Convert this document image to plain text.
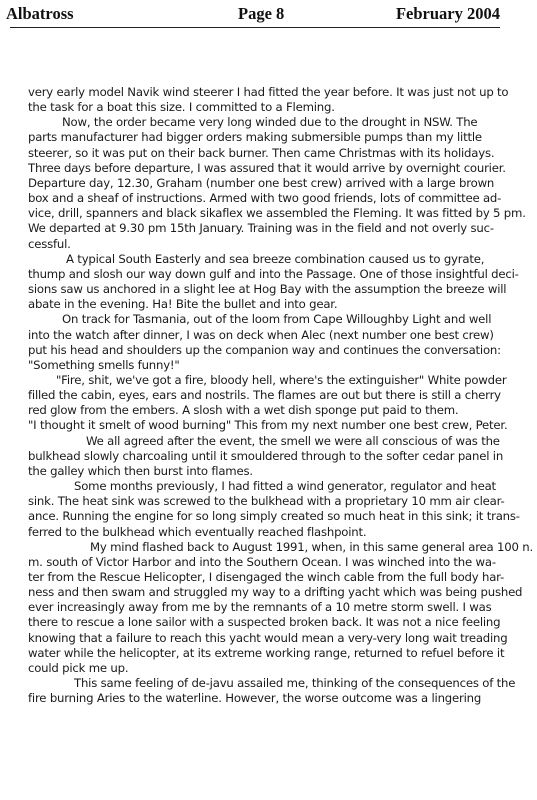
Albatross	Page 8	February 2004

very early model Navik wind steerer I had fitted the year before. It was just not up to
the task for a boat this size. I committed to a Fleming.

Now, the order became very long winded due to the drought in NSW. The
parts manufacturer had bigger orders making submersible pumps than my little
steerer, so it was put on their back burner. Then came Christmas with its holidays.
Three days before departure, I was assured that it would arrive by overnight courier.
Departure day, 12.30, Graham (number one best crew) arrived with a large brown
box and a sheaf of instructions. Armed with two good friends, lots of committee ad-
vice, drill, spanners and black sikaflex we assembled the Fleming. It was fitted by 5 pm.
We departed at 9.30 pm 15th January. Training was in the field and not overly suc-
cessful.

A typical South Easterly and sea breeze combination caused us to gyrate,
thump and slosh our way down gulf and into the Passage. One of those insightful deci-
sions saw us anchored in a slight lee at Hog Bay with the assumption the breeze will
abate in the evening. Ha! Bite the bullet and into gear.

On track for Tasmania, out of the loom from Cape Willoughby Light and well
into the watch after dinner, I was on deck when Alec (next number one best crew)
put his head and shoulders up the companion way and continues the conversation:
"Something smells funny!"

"Fire, shit, we've got a fire, bloody hell, where's the extinguisher" White powder
filled the cabin, eyes, ears and nostrils. The flames are out but there is still a cherry
red glow from the embers. A slosh with a wet dish sponge put paid to them.
"I thought it smelt of wood burning" This from my next number one best crew, Peter.

We all agreed after the event, the smell we were all conscious of was the
bulkhead slowly charcoaling until it smouldered through to the softer cedar panel in
the galley which then burst into flames.

Some months previously, I had fitted a wind generator, regulator and heat
sink. The heat sink was screwed to the bulkhead with a proprietary 10 mm air clear-
ance. Running the engine for so long simply created so much heat in this sink; it trans-
ferred to the bulkhead which eventually reached flashpoint.

My mind flashed back to August 1991, when, in this same general area 100 n.
m. south of Victor Harbor and into the Southern Ocean. I was winched into the wa-
ter from the Rescue Helicopter, I disengaged the winch cable from the full body har-
ness and then swam and struggled my way to a drifting yacht which was being pushed
ever increasingly away from me by the remnants of a 10 metre storm swell. I was
there to rescue a lone sailor with a suspected broken back. It was not a nice feeling
knowing that a failure to reach this yacht would mean a very-very long wait treading
water while the helicopter, at its extreme working range, returned to refuel before it
could pick me up.

This same feeling of de-javu assailed me, thinking of the consequences of the
fire burning Aries to the waterline. However, the worse outcome was a lingering
